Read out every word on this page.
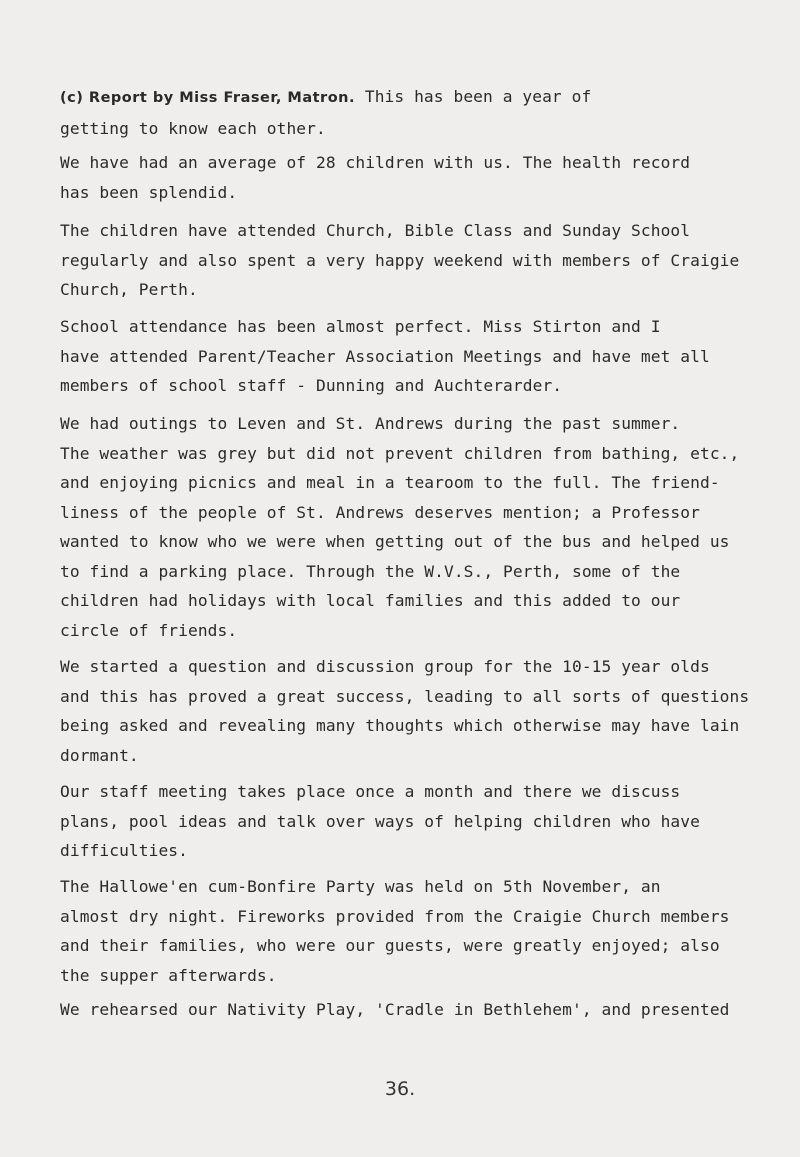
(c) Report by Miss Fraser, Matron. This has been a year of
getting to know each other.
We have had an average of 28 children with us. The health record
has been splendid.
The children have attended Church, Bible Class and Sunday School
regularly and also spent a very happy weekend with members of Craigie
Church, Perth.
School attendance has been almost perfect. Miss Stirton and I
have attended Parent/Teacher Association Meetings and have met all
members of school staff - Dunning and Auchterarder.
We had outings to Leven and St. Andrews during the past summer.
The weather was grey but did not prevent children from bathing, etc.,
and enjoying picnics and meal in a tearoom to the full. The friend-
liness of the people of St. Andrews deserves mention; a Professor
wanted to know who we were when getting out of the bus and helped us
to find a parking place. Through the W.V.S., Perth, some of the
children had holidays with local families and this added to our
circle of friends.
We started a question and discussion group for the 10-15 year olds
and this has proved a great success, leading to all sorts of questions
being asked and revealing many thoughts which otherwise may have lain
dormant.
Our staff meeting takes place once a month and there we discuss
plans, pool ideas and talk over ways of helping children who have
difficulties.
The Hallowe'en cum-Bonfire Party was held on 5th November, an
almost dry night. Fireworks provided from the Craigie Church members
and their families, who were our guests, were greatly enjoyed; also
the supper afterwards.
We rehearsed our Nativity Play, 'Cradle in Bethlehem', and presented
36.
